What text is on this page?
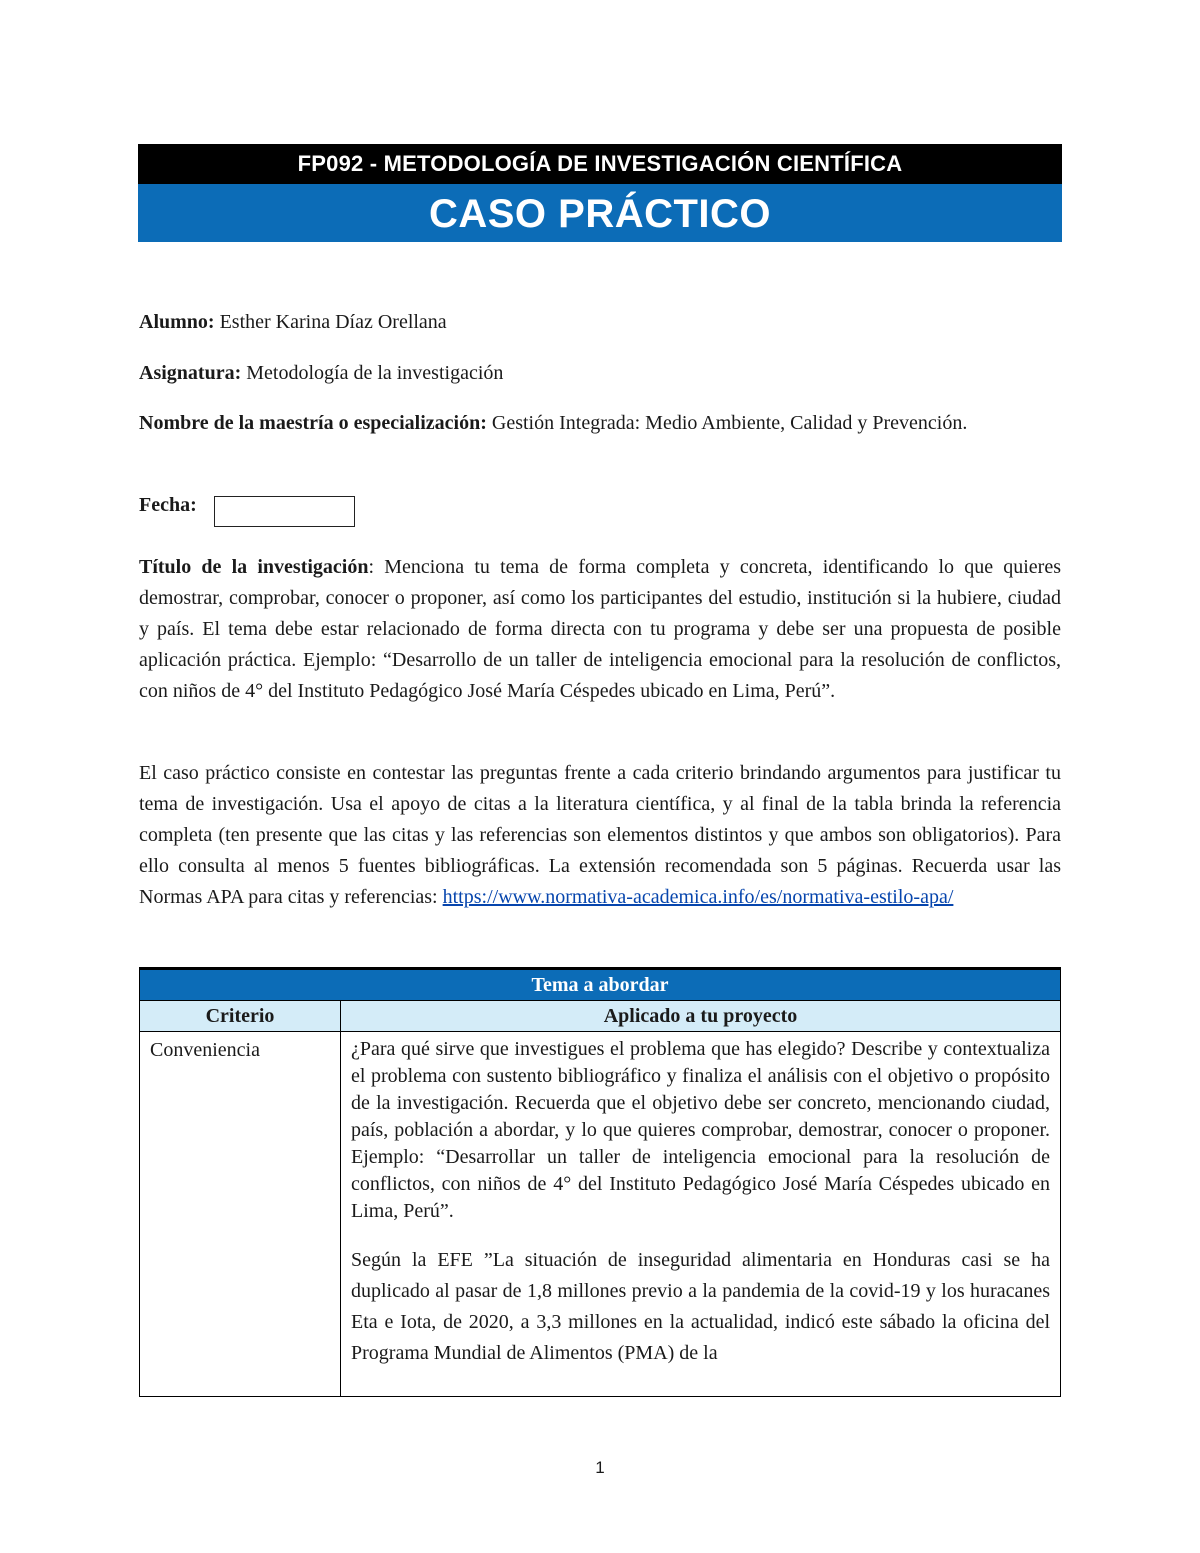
FP092 - METODOLOGÍA DE INVESTIGACIÓN CIENTÍFICA
CASO PRÁCTICO
Alumno: Esther Karina Díaz Orellana
Asignatura: Metodología de la investigación
Nombre de la maestría o especialización: Gestión Integrada: Medio Ambiente, Calidad y Prevención.
Fecha:
Título de la investigación: Menciona tu tema de forma completa y concreta, identificando lo que quieres demostrar, comprobar, conocer o proponer, así como los participantes del estudio, institución si la hubiere, ciudad y país. El tema debe estar relacionado de forma directa con tu programa y debe ser una propuesta de posible aplicación práctica. Ejemplo: “Desarrollo de un taller de inteligencia emocional para la resolución de conflictos, con niños de 4° del Instituto Pedagógico José María Céspedes ubicado en Lima, Perú”.
El caso práctico consiste en contestar las preguntas frente a cada criterio brindando argumentos para justificar tu tema de investigación. Usa el apoyo de citas a la literatura científica, y al final de la tabla brinda la referencia completa (ten presente que las citas y las referencias son elementos distintos y que ambos son obligatorios). Para ello consulta al menos 5 fuentes bibliográficas. La extensión recomendada son 5 páginas. Recuerda usar las Normas APA para citas y referencias: https://www.normativa-academica.info/es/normativa-estilo-apa/
Tema a abordar	
Criterio	Aplicado a tu proyecto
Conveniencia	¿Para qué sirve que investigues el problema que has elegido? Describe y contextualiza el problema con sustento bibliográfico y finaliza el análisis con el objetivo o propósito de la investigación. Recuerda que el objetivo debe ser concreto, mencionando ciudad, país, población a abordar, y lo que quieres comprobar, demostrar, conocer o proponer. Ejemplo: “Desarrollar un taller de inteligencia emocional para la resolución de conflictos, con niños de 4° del Instituto Pedagógico José María Céspedes ubicado en Lima, Perú”.

Según la EFE ”La situación de inseguridad alimentaria en Honduras casi se ha duplicado al pasar de 1,8 millones previo a la pandemia de la covid-19 y los huracanes Eta e Iota, de 2020, a 3,3 millones en la actualidad, indicó este sábado la oficina del Programa Mundial de Alimentos (PMA) de la

1
